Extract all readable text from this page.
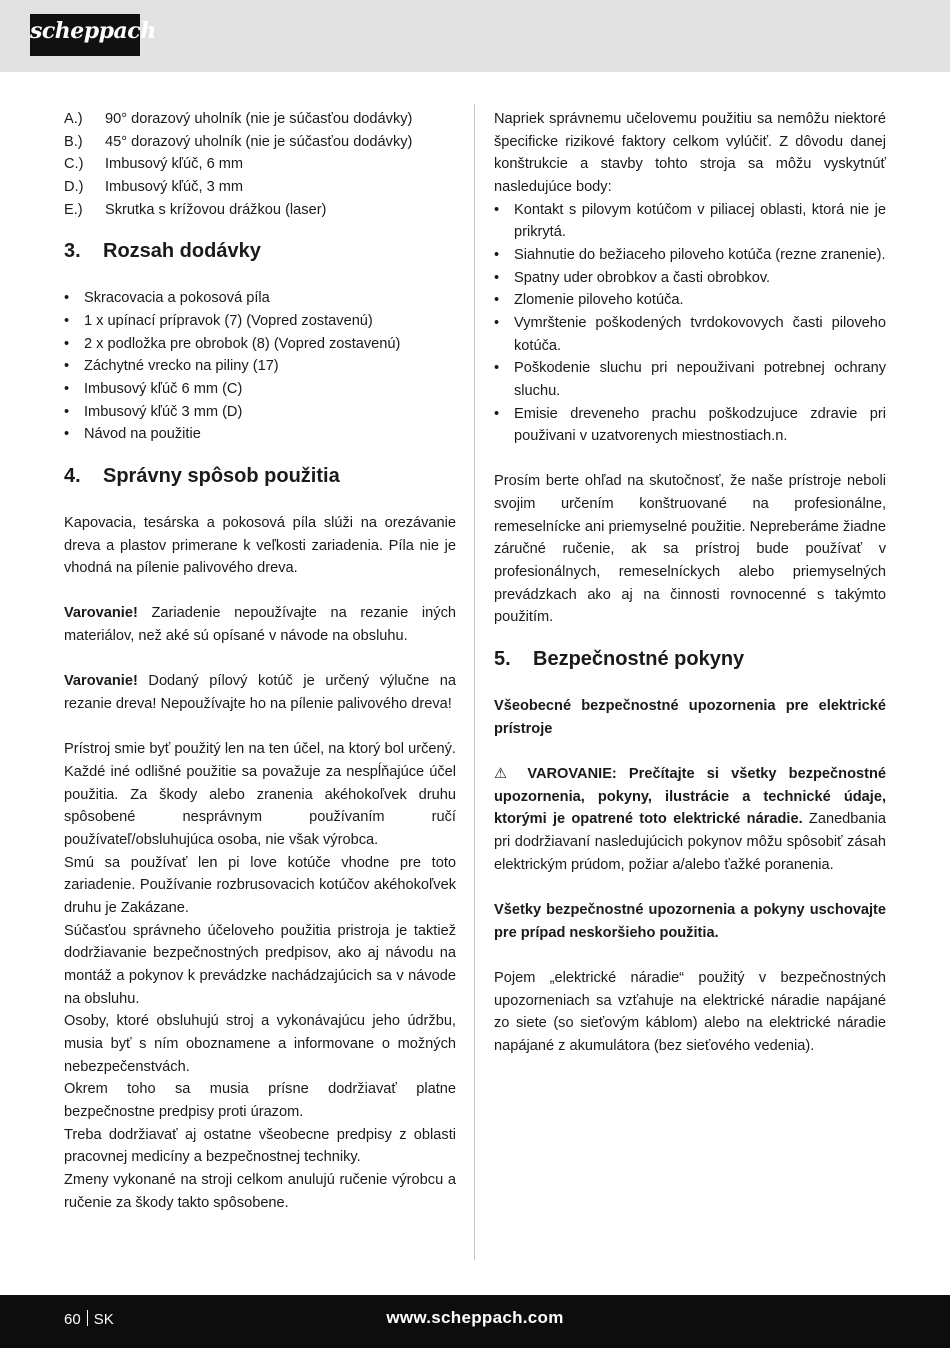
scheppach
A.)	90° dorazový uholník (nie je súčasťou dodávky)
B.)	45° dorazový uholník (nie je súčasťou dodávky)
C.)	Imbusový kľúč, 6 mm
D.)	Imbusový kľúč, 3 mm
E.)	Skrutka s krížovou drážkou (laser)
3.	Rozsah dodávky
• Skracovacia a pokosová píla
• 1 x upínací prípravok (7) (Vopred zostavenú)
• 2 x podložka pre obrobok (8) (Vopred zostavenú)
• Záchytné vrecko na piliny (17)
• Imbusový kľúč 6 mm (C)
• Imbusový kľúč 3 mm (D)
• Návod na použitie
4.	Správny spôsob použitia

Kapovacia, tesárska a pokosová píla slúži na orezávanie dreva a plastov primerane k veľkosti zariadenia. Píla nie je vhodná na pílenie palivového dreva.

Varovanie! Zariadenie nepoužívajte na rezanie iných materiálov, než aké sú opísané v návode na obsluhu.

Varovanie! Dodaný pílový kotúč je určený výlučne na rezanie dreva! Nepoužívajte ho na pílenie palivového dreva!

Prístroj smie byť použitý len na ten účel, na ktorý bol určený. Každé iné odlišné použitie sa považuje za nespĺňajúce účel použitia. Za škody alebo zranenia akéhokoľvek druhu spôsobené nesprávnym používaním ručí používateľ/obsluhujúca osoba, nie však výrobca.

Smú sa používať len pi love kotúče vhodne pre toto zariadenie. Používanie rozbrusovacich kotúčov akéhokoľvek druhu je Zakázane.

Súčasťou správneho účeloveho použitia pristroja je taktiež dodržiavanie bezpečnostných predpisov, ako aj návodu na montáž a pokynov k prevádzke nachádzajúcich sa v návode na obsluhu.

Osoby, ktoré obsluhujú stroj a vykonávajúcu jeho údržbu, musia byť s ním oboznamene a informovane o možných nebezpečenstvách.

Okrem toho sa musia prísne dodržiavať platne bezpečnostne predpisy proti úrazom.

Treba dodržiavať aj ostatne všeobecne predpisy z oblasti pracovnej medicíny a bezpečnostnej techniky.

Zmeny vykonané na stroji celkom anulujú ručenie výrobcu a ručenie za škody takto spôsobene.

Napriek správnemu učelovemu použitiu sa nemôžu niektoré špecificke rizikové faktory celkom vylúčiť. Z dôvodu danej konštrukcie a stavby tohto stroja sa môžu vyskytnúť nasledujúce body:

• Kontakt s pilovym kotúčom v piliacej oblasti, ktorá nie je prikrytá.
• Siahnutie do bežiaceho piloveho kotúča (rezne zranenie).
• Spatny uder obrobkov a časti obrobkov.
• Zlomenie piloveho kotúča.
• Vymrštenie poškodených tvrdokovovych časti piloveho kotúča.
• Poškodenie sluchu pri nepouživani potrebnej ochrany sluchu.
• Emisie dreveneho prachu poškodzujuce zdravie pri použivani v uzatvorenych miestnostiach.n.

Prosím berte ohľad na skutočnosť, že naše prístroje neboli svojim určením konštruované na profesionálne, remeselnícke ani priemyselné použitie. Nepreberáme žiadne záručné ručenie, ak sa prístroj bude používať v profesionálnych, remeselníckych alebo priemyselných prevádzkach ako aj na činnosti rovnocenné s takýmto použitím.

5.	Bezpečnostné pokyny

Všeobecné bezpečnostné upozornenia pre elektrické prístroje

⚠ VAROVANIE: Prečítajte si všetky bezpečnostné upozornenia, pokyny, ilustrácie a technické údaje, ktorými je opatrené toto elektrické náradie. Zanedbania pri dodržiavaní nasledujúcich pokynov môžu spôsobiť zásah elektrickým prúdom, požiar a/alebo ťažké poranenia.

Všetky bezpečnostné upozornenia a pokyny uschovajte pre prípad neskoršieho použitia.

Pojem „elektrické náradie“ použitý v bezpečnostných upozorneniach sa vzťahuje na elektrické náradie napájané zo siete (so sieťovým káblom) alebo na elektrické náradie napájané z akumulátora (bez sieťového vedenia).

60 SK	www.scheppach.com
